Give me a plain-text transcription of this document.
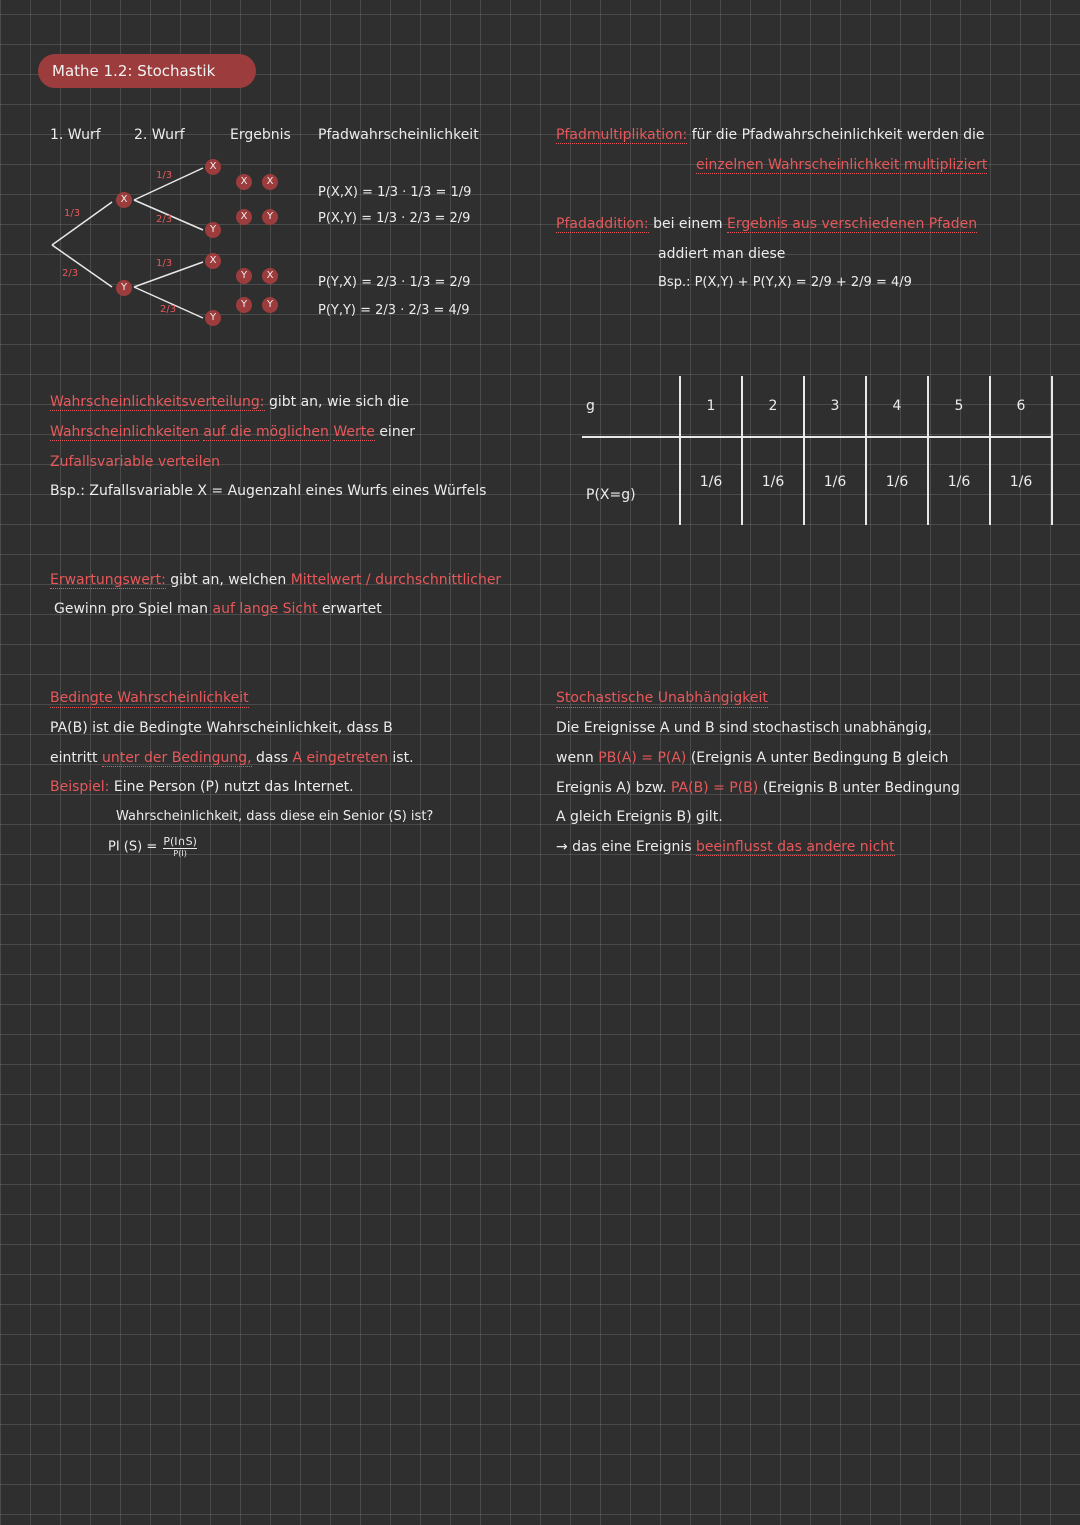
Mathe 1.2: Stochastik
1. Wurf 2. Wurf	Ergebnis Pfadwahrscheinlichkeit
1/3
2/3
X
Y
1/3
2/3
1/3
2/3
X
Y
X
Y
X	X
X	Y
Y	X
Y	Y
P(X,X) = 1/3 · 1/3 = 1/9
P(X,Y) = 1/3 · 2/3 = 2/9
P(Y,X) = 2/3 · 1/3 = 2/9
P(Y,Y) = 2/3 · 2/3 = 4/9
Pfadmultiplikation: für die Pfadwahrscheinlichkeit werden die
einzelnen Wahrscheinlichkeit multipliziert
Pfadaddition: bei einem Ergebnis aus verschiedenen Pfaden
addiert man diese
Bsp.: P(X,Y) + P(Y,X) = 2/9 + 2/9 = 4/9
Wahrscheinlichkeitsverteilung: gibt an, wie sich die
Wahrscheinlichkeiten auf die möglichen Werte einer
Zufallsvariable verteilen
Bsp.: Zufallsvariable X = Augenzahl eines Wurfs eines Würfels
g	1	2	3	4	5	6
P(X=g)	1/6	1/6	1/6	1/6	1/6	1/6
Erwartungswert: gibt an, welchen Mittelwert / durchschnittlicher
Gewinn pro Spiel man auf lange Sicht erwartet
Bedingte Wahrscheinlichkeit
PA(B) ist die Bedingte Wahrscheinlichkeit, dass B
eintritt unter der Bedingung, dass A eingetreten ist.
Beispiel: Eine Person (P) nutzt das Internet.
Wahrscheinlichkeit, dass diese ein Senior (S) ist?
PI (S) = P(I∩S)
P(I)
Stochastische Unabhängigkeit
Die Ereignisse A und B sind stochastisch unabhängig,
wenn PB(A) = P(A) (Ereignis A unter Bedingung B gleich
Ereignis A) bzw. PA(B) = P(B) (Ereignis B unter Bedingung
A gleich Ereignis B) gilt.
→ das eine Ereignis beeinflusst das andere nicht
